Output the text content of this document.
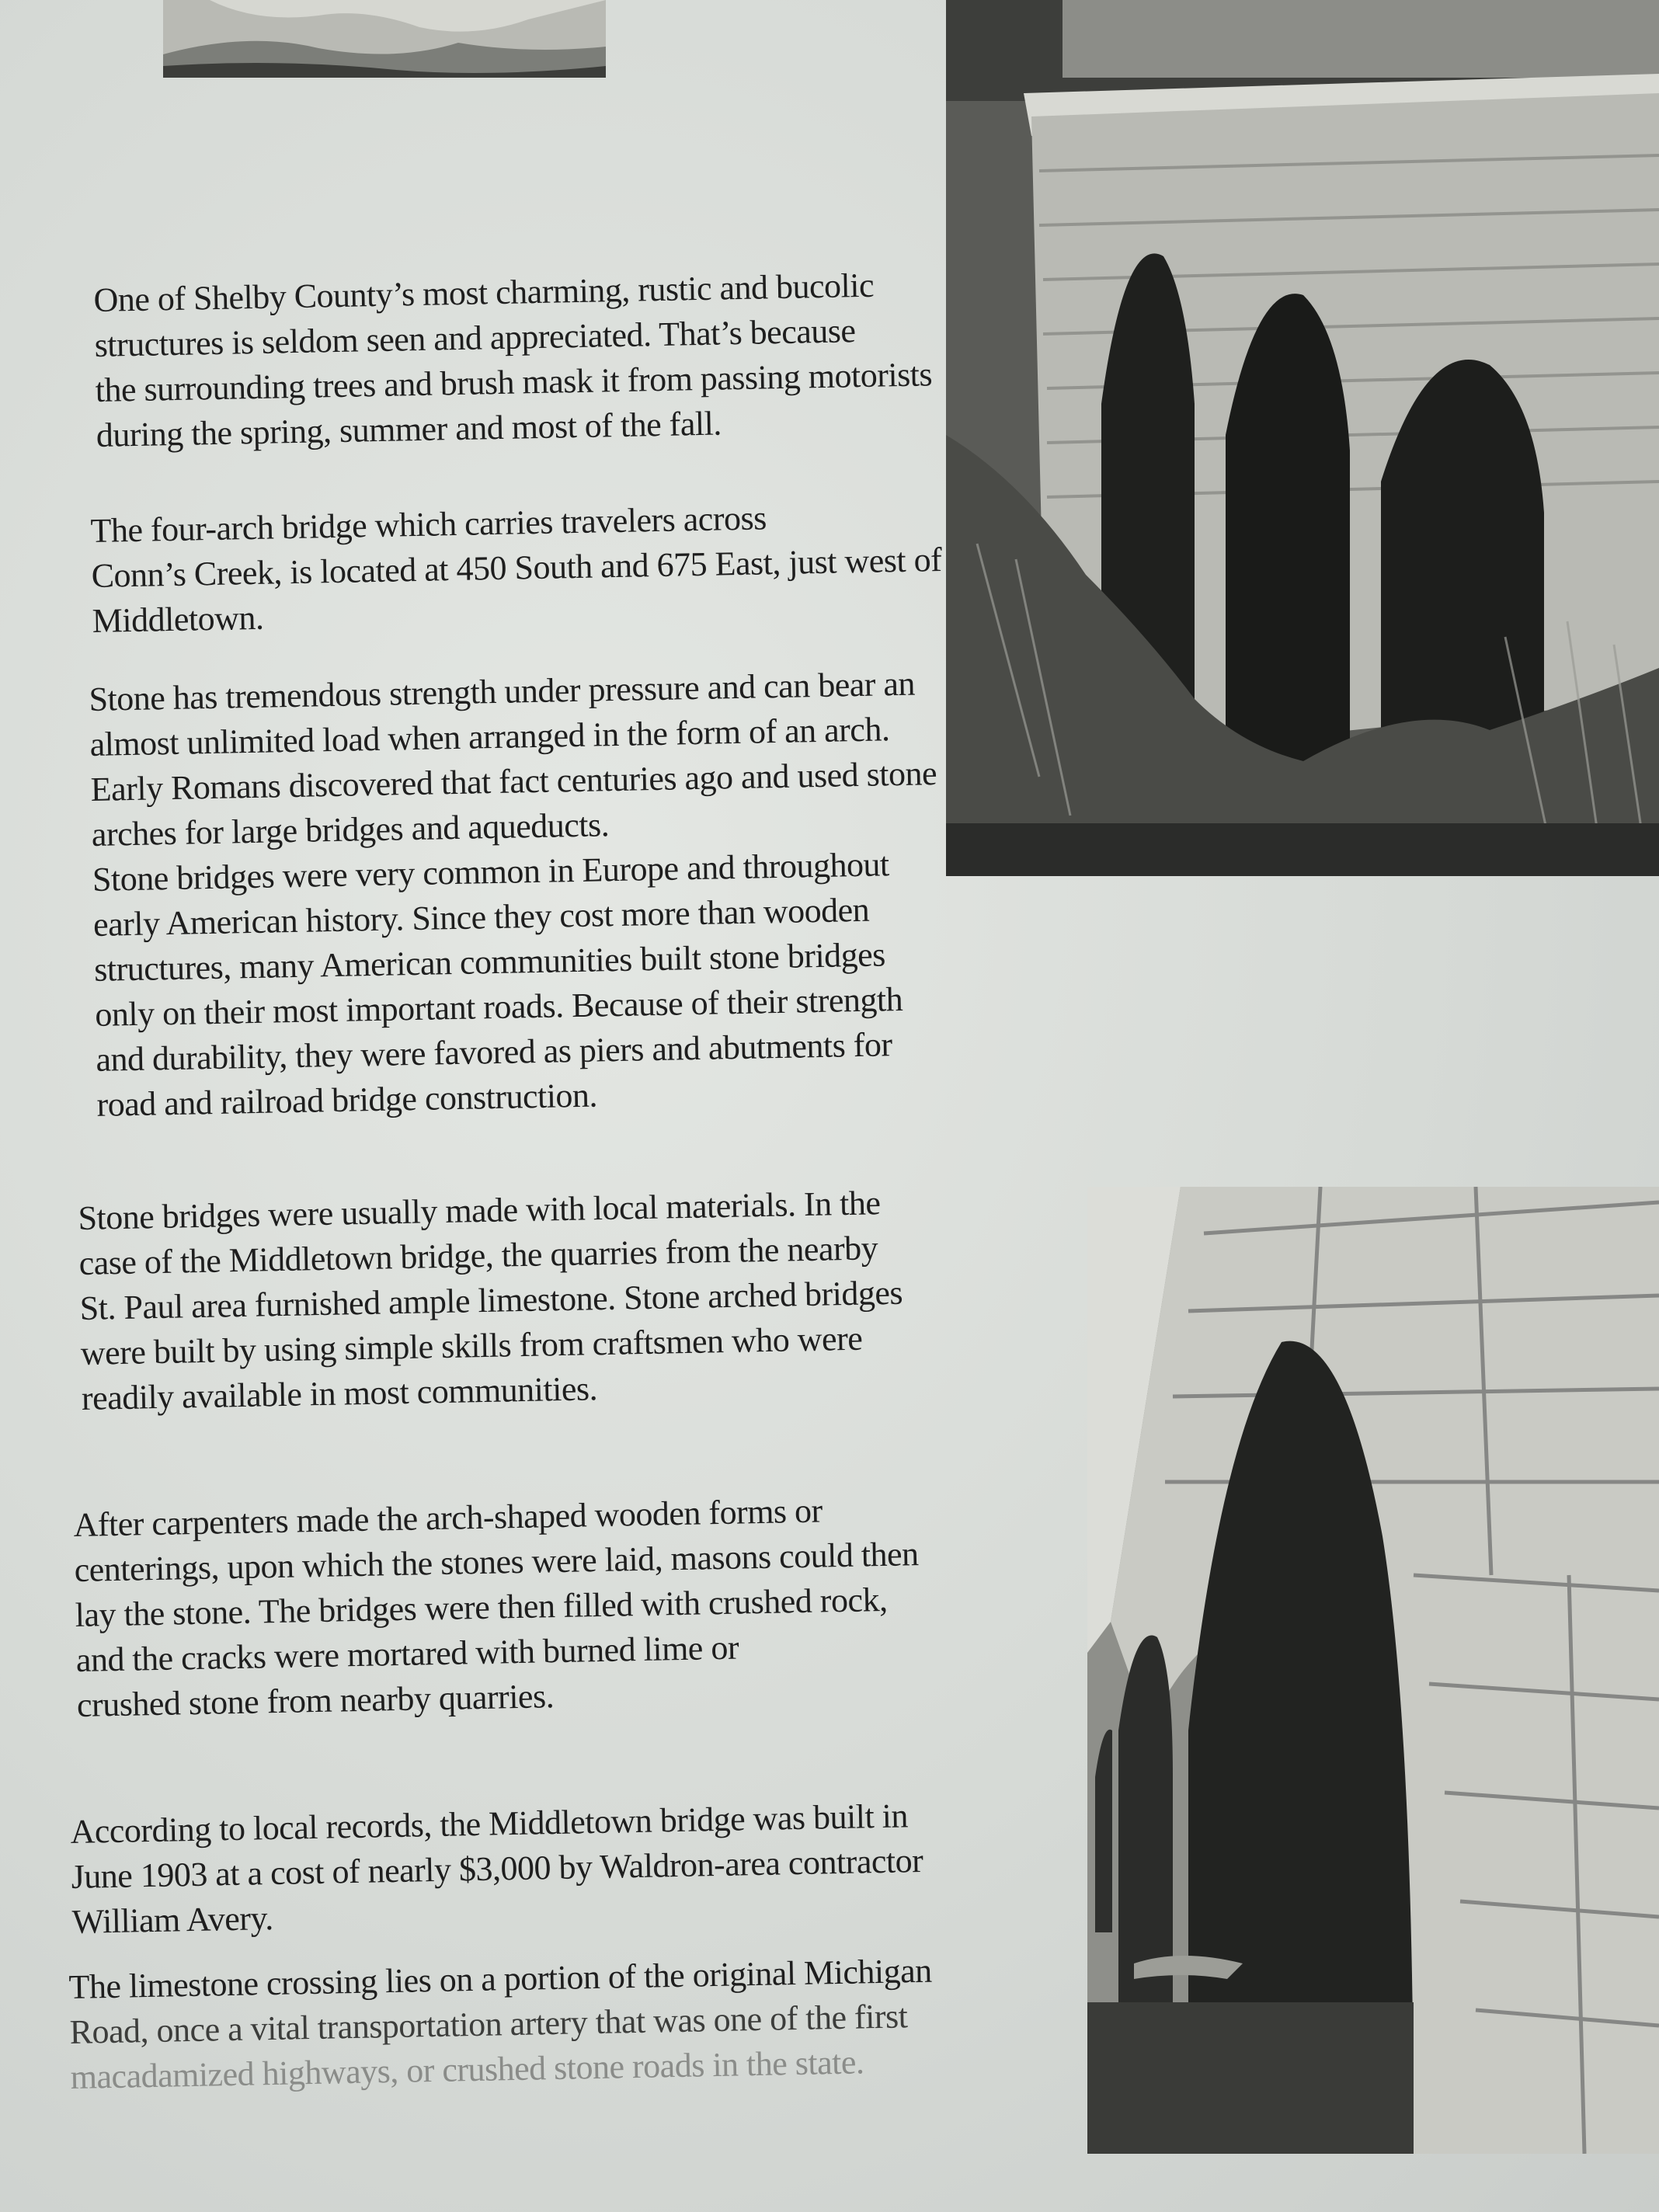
One of Shelby County’s most charming, rustic and bucolic
structures is seldom seen and appreciated. That’s because
the surrounding trees and brush mask it from passing motorists
during the spring, summer and most of the fall.

The four-arch bridge which carries travelers across
Conn’s Creek, is located at 450 South and 675 East, just west of
Middletown.

Stone has tremendous strength under pressure and can bear an
almost unlimited load when arranged in the form of an arch.
Early Romans discovered that fact centuries ago and used stone
arches for large bridges and aqueducts.
Stone bridges were very common in Europe and throughout
early American history. Since they cost more than wooden
structures, many American communities built stone bridges
only on their most important roads. Because of their strength
and durability, they were favored as piers and abutments for
road and railroad bridge construction.

Stone bridges were usually made with local materials. In the
case of the Middletown bridge, the quarries from the nearby
St. Paul area furnished ample limestone. Stone arched bridges
were built by using simple skills from craftsmen who were
readily available in most communities.

After carpenters made the arch-shaped wooden forms or
centerings, upon which the stones were laid, masons could then
lay the stone. The bridges were then filled with crushed rock,
and the cracks were mortared with burned lime or
crushed stone from nearby quarries.

According to local records, the Middletown bridge was built in
June 1903 at a cost of nearly $3,000 by Waldron-area contractor
William Avery.

The limestone crossing lies on a portion of the original Michigan
Road, once a vital transportation artery that was one of the first
macadamized highways, or crushed stone roads in the state.
